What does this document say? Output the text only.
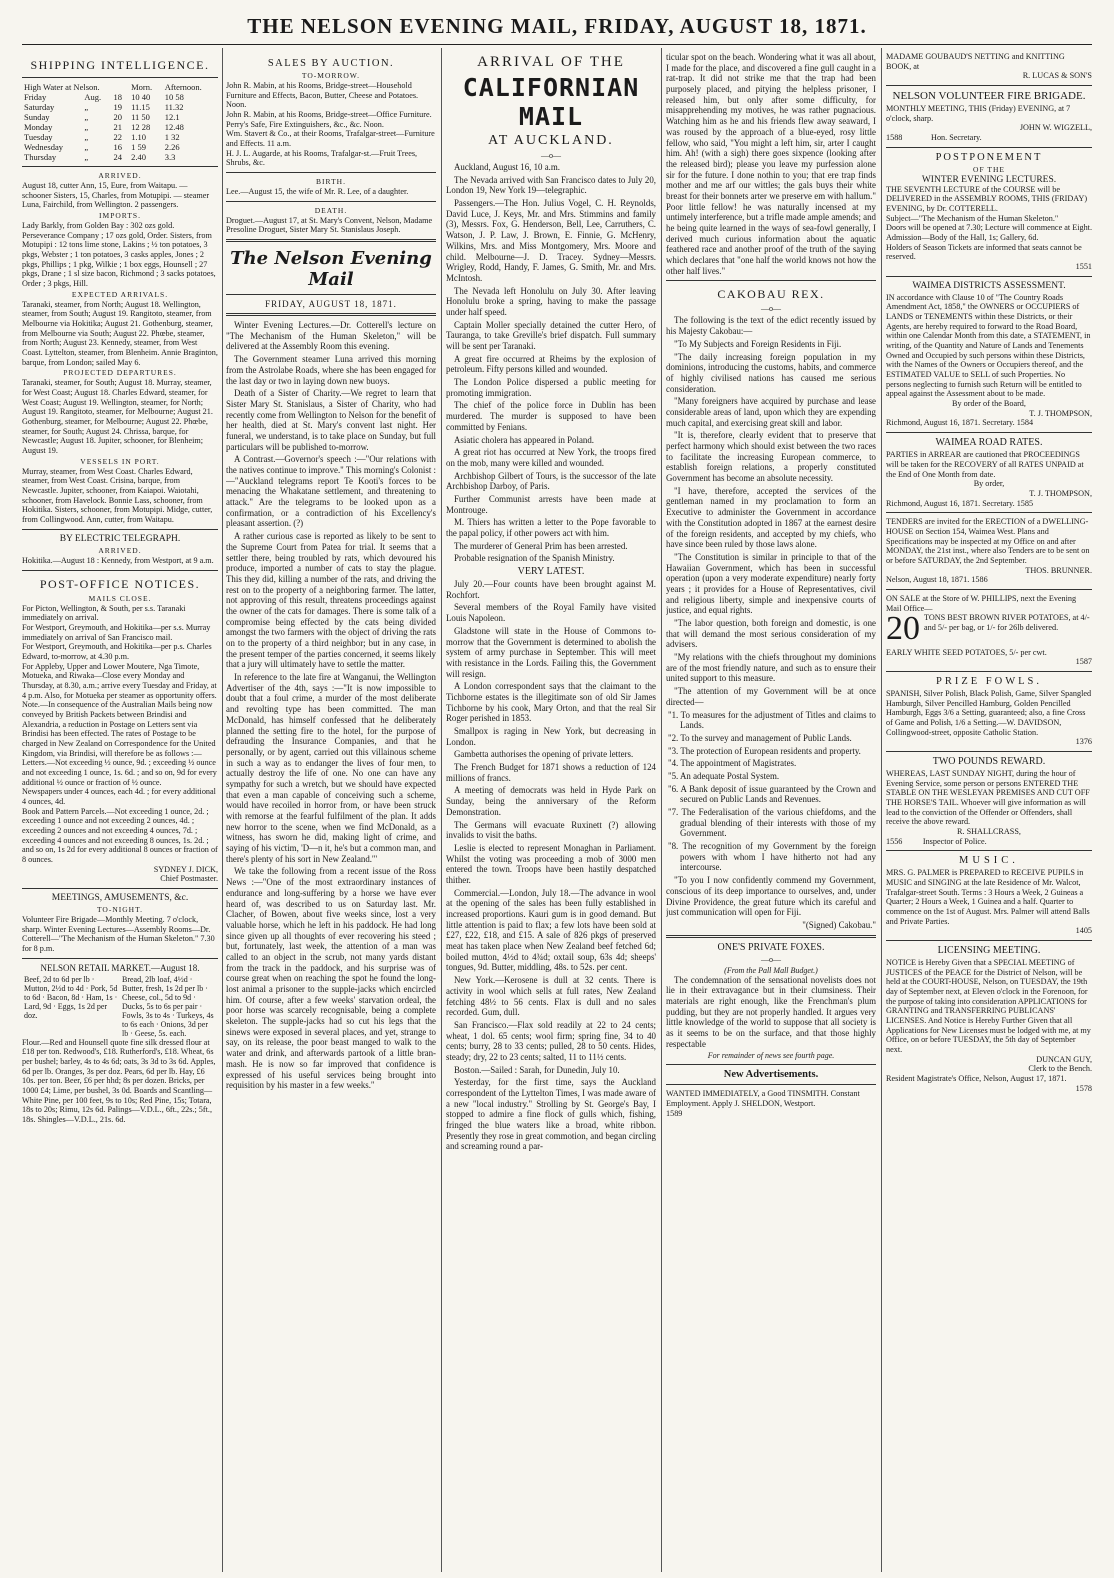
THE NELSON EVENING MAIL, FRIDAY, AUGUST 18, 1871.
SHIPPING INTELLIGENCE.
High Water at Nelson.			Morn.	Afternoon.
Friday	Aug.	18	10 40	10 58
Saturday	„	19	11.15	11.32
Sunday	„	20	11 50	12.1
Monday	„	21	12 28	12.48
Tuesday	„	22	1.10	1 32
Wednesday	„	16	1 59	2.26
Thursday	„	24	2.40	3.3
ARRIVED.

August 18, cutter Ann, 15, Eure, from Waitapu. — schooner Sisters, 15, Charles, from Motupipi. — steamer Luna, Fairchild, from Wellington. 2 passengers.

IMPORTS.

Lady Barkly, from Golden Bay : 302 ozs gold. Perseverance Company ; 17 ozs gold, Order. Sisters, from Motupipi : 12 tons lime stone, Lakins ; ½ ton potatoes, 3 pkgs, Webster ; 1 ton potatoes, 3 casks apples, Jones ; 2 pkgs, Phillips ; 1 pkg, Wilkie ; 1 box eggs, Hounsell ; 27 pkgs, Drane ; 1 sl size bacon, Richmond ; 3 sacks potatoes, Order ; 3 pkgs, Hill.

EXPECTED ARRIVALS.

Taranaki, steamer, from North; August 18. Wellington, steamer, from South; August 19. Rangitoto, steamer, from Melbourne via Hokitika; August 21. Gothenburg, steamer, from Melbourne via South; August 22. Phœbe, steamer, from North; August 23. Kennedy, steamer, from West Coast. Lyttelton, steamer, from Blenheim. Annie Braginton, barque, from London; sailed May 6.

PROJECTED DEPARTURES.

Taranaki, steamer, for South; August 18. Murray, steamer, for West Coast; August 18. Charles Edward, steamer, for West Coast; August 19. Wellington, steamer, for North; August 19. Rangitoto, steamer, for Melbourne; August 21. Gothenburg, steamer, for Melbourne; August 22. Phœbe, steamer, for South; August 24. Chrissa, barque, for Newcastle; August 18. Jupiter, schooner, for Blenheim; August 19.

VESSELS IN PORT.

Murray, steamer, from West Coast. Charles Edward, steamer, from West Coast. Crisina, barque, from Newcastle. Jupiter, schooner, from Kaiapoi. Waiotahi, schooner, from Havelock. Bonnie Lass, schooner, from Hokitika. Sisters, schooner, from Motupipi. Midge, cutter, from Collingwood. Ann, cutter, from Waitapu.

BY ELECTRIC TELEGRAPH.
ARRIVED.

Hokitika.—August 18 : Kennedy, from Westport, at 9 a.m.

POST-OFFICE NOTICES.
MAILS CLOSE.

For Picton, Wellington, & South, per s.s. Taranaki immediately on arrival.

For Westport, Greymouth, and Hokitika—per s.s. Murray immediately on arrival of San Francisco mail.

For Westport, Greymouth, and Hokitika—per p.s. Charles Edward, to-morrow, at 4.30 p.m.

For Appleby, Upper and Lower Moutere, Nga Timote, Motueka, and Riwaka—Close every Monday and Thursday, at 8.30, a.m.; arrive every Tuesday and Friday, at 4 p.m. Also, for Motueka per steamer as opportunity offers.

Note.—In consequence of the Australian Mails being now conveyed by British Packets between Brindisi and Alexandria, a reduction in Postage on Letters sent via Brindisi has been effected. The rates of Postage to be charged in New Zealand on Correspondence for the United Kingdom, via Brindisi, will therefore be as follows :—

Letters.—Not exceeding ½ ounce, 9d. ; exceeding ½ ounce and not exceeding 1 ounce, 1s. 6d. ; and so on, 9d for every additional ½ ounce or fraction of ½ ounce.

Newspapers under 4 ounces, each 4d. ; for every additional 4 ounces, 4d.

Book and Pattern Parcels.—Not exceeding 1 ounce, 2d. ; exceeding 1 ounce and not exceeding 2 ounces, 4d. ; exceeding 2 ounces and not exceeding 4 ounces, 7d. ; exceeding 4 ounces and not exceeding 8 ounces, 1s. 2d. ; and so on, 1s 2d for every additional 8 ounces or fraction of 8 ounces.

SYDNEY J. DICK,

Chief Postmaster.

MEETINGS, AMUSEMENTS, &c.
TO-NIGHT.

Volunteer Fire Brigade—Monthly Meeting. 7 o'clock, sharp. Winter Evening Lectures—Assembly Rooms—Dr. Cotterell—"The Mechanism of the Human Skeleton." 7.30 for 8 p.m.

NELSON RETAIL MARKET.—August 18.
Beef, 2d to 6d per lb · Mutton, 2½d to 4d · Pork, 5d to 6d · Bacon, 8d · Ham, 1s · Lard, 9d · Eggs, 1s 2d per doz.	Bread, 2lb loaf, 4½d · Butter, fresh, 1s 2d per lb · Cheese, col., 5d to 9d · Ducks, 5s to 6s per pair · Fowls, 3s to 4s · Turkeys, 4s to 6s each · Onions, 3d per lb · Geese, 5s. each.

Flour.—Red and Hounsell quote fine silk dressed flour at £18 per ton. Redwood's, £18. Rutherford's, £18. Wheat, 6s per bushel; barley, 4s to 4s 6d; oats, 3s 3d to 3s 6d. Apples, 6d per lb. Oranges, 3s per doz. Pears, 6d per lb. Hay, £6 10s. per ton. Beer, £6 per hhd; 8s per dozen. Bricks, per 1000 £4; Lime, per bushel, 3s 0d. Boards and Scantling—White Pine, per 100 feet, 9s to 10s; Red Pine, 15s; Totara, 18s to 20s; Rimu, 12s 6d. Palings—V.D.L., 6ft., 22s.; 5ft., 18s. Shingles—V.D.L., 21s. 6d.

SALES BY AUCTION.
TO-MORROW.

John R. Mabin, at his Rooms, Bridge-street—Household Furniture and Effects, Bacon, Butter, Cheese and Potatoes. Noon.

John R. Mabin, at his Rooms, Bridge-street—Office Furniture. Perry's Safe, Fire Extinguishers, &c., &c. Noon.

Wm. Stavert & Co., at their Rooms, Trafalgar-street—Furniture and Effects. 11 a.m.

H. J. L. Augarde, at his Rooms, Trafalgar-st.—Fruit Trees, Shrubs, &c.

BIRTH.

Lee.—August 15, the wife of Mr. R. Lee, of a daughter.

DEATH.

Droguet.—August 17, at St. Mary's Convent, Nelson, Madame Presoline Droguet, Sister Mary St. Stanislaus Joseph.

The Nelson Evening Mail
FRIDAY, AUGUST 18, 1871.

Winter Evening Lectures.—Dr. Cotterell's lecture on "The Mechanism of the Human Skeleton," will be delivered at the Assembly Room this evening.

The Government steamer Luna arrived this morning from the Astrolabe Roads, where she has been engaged for the last day or two in laying down new buoys.

Death of a Sister of Charity.—We regret to learn that Sister Mary St. Stanislaus, a Sister of Charity, who had recently come from Wellington to Nelson for the benefit of her health, died at St. Mary's convent last night. Her funeral, we understand, is to take place on Sunday, but full particulars will be published to-morrow.

A Contrast.—Governor's speech :—"Our relations with the natives continue to improve." This morning's Colonist :—"Auckland telegrams report Te Kooti's forces to be menacing the Whakatane settlement, and threatening to attack." Are the telegrams to be looked upon as a confirmation, or a contradiction of his Excellency's pleasant assertion. (?)

A rather curious case is reported as likely to be sent to the Supreme Court from Patea for trial. It seems that a settler there, being troubled by rats, which devoured his produce, imported a number of cats to stay the plague. This they did, killing a number of the rats, and driving the rest on to the property of a neighboring farmer. The latter, not approving of this result, threatens proceedings against the owner of the cats for damages. There is some talk of a compromise being effected by the cats being divided amongst the two farmers with the object of driving the rats on to the property of a third neighbor; but in any case, in the present temper of the parties concerned, it seems likely that a jury will ultimately have to settle the matter.

In reference to the late fire at Wanganui, the Wellington Advertiser of the 4th, says :—"It is now impossible to doubt that a foul crime, a murder of the most deliberate and revolting type has been committed. The man McDonald, has himself confessed that he deliberately planned the setting fire to the hotel, for the purpose of defrauding the Insurance Companies, and that he personally, or by agent, carried out this villainous scheme in such a way as to endanger the lives of four men, to actually destroy the life of one. No one can have any sympathy for such a wretch, but we should have expected that even a man capable of conceiving such a scheme, would have recoiled in horror from, or have been struck with remorse at the fearful fulfilment of the plan. It adds new horror to the scene, when we find McDonald, as a witness, has sworn he did, making light of crime, and saying of his victim, 'D—n it, he's but a common man, and there's plenty of his sort in New Zealand.'"

We take the following from a recent issue of the Ross News :—"One of the most extraordinary instances of endurance and long-suffering by a horse we have ever heard of, was described to us on Saturday last. Mr. Clacher, of Bowen, about five weeks since, lost a very valuable horse, which he left in his paddock. He had long since given up all thoughts of ever recovering his steed ; but, fortunately, last week, the attention of a man was called to an object in the scrub, not many yards distant from the track in the paddock, and his surprise was of course great when on reaching the spot he found the long-lost animal a prisoner to the supple-jacks which encircled him. Of course, after a few weeks' starvation ordeal, the poor horse was scarcely recognisable, being a complete skeleton. The supple-jacks had so cut his legs that the sinews were exposed in several places, and yet, strange to say, on its release, the poor beast manged to walk to the water and drink, and afterwards partook of a little bran-mash. He is now so far improved that confidence is expressed of his useful services being brought into requisition by his master in a few weeks."

ARRIVAL OF THE
CALIFORNIAN MAIL
AT AUCKLAND.
—o—

Auckland, August 16, 10 a.m.

The Nevada arrived with San Francisco dates to July 20, London 19, New York 19—telegraphic.

Passengers.—The Hon. Julius Vogel, C. H. Reynolds, David Luce, J. Keys, Mr. and Mrs. Stimmins and family (3), Messrs. Fox, G. Henderson, Bell, Lee, Carruthers, C. Watson, J. P. Law, J. Brown, E. Finnie, G. McHenry, Wilkins, Mrs. and Miss Montgomery, Mrs. Moore and child. Melbourne—J. D. Tracey. Sydney—Messrs. Wrigley, Rodd, Handy, F. James, G. Smith, Mr. and Mrs. McIntosh.

The Nevada left Honolulu on July 30. After leaving Honolulu broke a spring, having to make the passage under half speed.

Captain Moller specially detained the cutter Hero, of Tauranga, to take Greville's brief dispatch. Full summary will be sent per Taranaki.

A great fire occurred at Rheims by the explosion of petroleum. Fifty persons killed and wounded.

The London Police dispersed a public meeting for promoting immigration.

The chief of the police force in Dublin has been murdered. The murder is supposed to have been committed by Fenians.

Asiatic cholera has appeared in Poland.

A great riot has occurred at New York, the troops fired on the mob, many were killed and wounded.

Archbishop Gilbert of Tours, is the successor of the late Archbishop Darboy, of Paris.

Further Communist arrests have been made at Montrouge.

M. Thiers has written a letter to the Pope favorable to the papal policy, if other powers act with him.

The murderer of General Prim has been arrested.

Probable resignation of the Spanish Ministry.

VERY LATEST.

July 20.—Four counts have been brought against M. Rochfort.

Several members of the Royal Family have visited Louis Napoleon.

Gladstone will state in the House of Commons to-morrow that the Government is determined to abolish the system of army purchase in September. This will meet with resistance in the Lords. Failing this, the Government will resign.

A London correspondent says that the claimant to the Tichborne estates is the illegitimate son of old Sir James Tichborne by his cook, Mary Orton, and that the real Sir Roger perished in 1853.

Smallpox is raging in New York, but decreasing in London.

Gambetta authorises the opening of private letters.

The French Budget for 1871 shows a reduction of 124 millions of francs.

A meeting of democrats was held in Hyde Park on Sunday, being the anniversary of the Reform Demonstration.

The Germans will evacuate Ruxinett (?) allowing invalids to visit the baths.

Leslie is elected to represent Monaghan in Parliament. Whilst the voting was proceeding a mob of 3000 men entered the town. Troops have been hastily despatched thither.

Commercial.—London, July 18.—The advance in wool at the opening of the sales has been fully established in increased proportions. Kauri gum is in good demand. But little attention is paid to flax; a few lots have been sold at £27, £22, £18, and £15. A sale of 826 pkgs of preserved meat has taken place when New Zealand beef fetched 6d; boiled mutton, 4½d to 4¾d; oxtail soup, 63s 4d; sheeps' tongues, 9d. Butter, middling, 48s. to 52s. per cent.

New York.—Kerosene is dull at 32 cents. There is activity in wool which sells at full rates, New Zealand fetching 48½ to 56 cents. Flax is dull and no sales recorded. Gum, dull.

San Francisco.—Flax sold readily at 22 to 24 cents; wheat, 1 dol. 65 cents; wool firm; spring fine, 34 to 40 cents; burry, 28 to 33 cents; pulled, 28 to 50 cents. Hides, steady; dry, 22 to 23 cents; salted, 11 to 11½ cents.

Boston.—Sailed : Sarah, for Dunedin, July 10.

Yesterday, for the first time, says the Auckland correspondent of the Lyttelton Times, I was made aware of a new "local industry." Strolling by St. George's Bay, I stopped to admire a fine flock of gulls which, fishing, fringed the blue waters like a broad, white ribbon. Presently they rose in great commotion, and began circling and screaming round a par-

ticular spot on the beach. Wondering what it was all about, I made for the place, and discovered a fine gull caught in a rat-trap. It did not strike me that the trap had been purposely placed, and pitying the helpless prisoner, I released him, but only after some difficulty, for misapprehending my motives, he was rather pugnacious. Watching him as he and his friends flew away seaward, I was roused by the approach of a blue-eyed, rosy little fellow, who said, "You might a left him, sir, arter I caught him. Ah! (with a sigh) there goes sixpence (looking after the released bird); please you leave my purfession alone sir for the future. I done nothin to you; that ere trap finds mother and me arf our wittles; the gals buys their white breast for their bonnets arter we preserve em with hallum." Poor little fellow! he was naturally incensed at my untimely interference, but a trifle made ample amends; and he being quite learned in the ways of sea-fowl generally, I derived much curious information about the aquatic feathered race and another proof of the truth of the saying which declares that "one half the world knows not how the other half lives."

CAKOBAU REX.
—o—

The following is the text of the edict recently issued by his Majesty Cakobau:—

"To My Subjects and Foreign Residents in Fiji.

"The daily increasing foreign population in my dominions, introducing the customs, habits, and commerce of highly civilised nations has caused me serious consideration.

"Many foreigners have acquired by purchase and lease considerable areas of land, upon which they are expending much capital, and exercising great skill and labor.

"It is, therefore, clearly evident that to preserve that perfect harmony which should exist between the two races to facilitate the increasing European commerce, to establish foreign relations, a properly constituted Government has become an absolute necessity.

"I have, therefore, accepted the services of the gentleman named in my proclamation to form an Executive to administer the Government in accordance with the Constitution adopted in 1867 at the earnest desire of the foreign residents, and accepted by my chiefs, who have since been ruled by those laws alone.

"The Constitution is similar in principle to that of the Hawaiian Government, which has been in successful operation (upon a very moderate expenditure) nearly forty years ; it provides for a House of Representatives, civil and religious liberty, simple and inexpensive courts of justice, and equal rights.

"The labor question, both foreign and domestic, is one that will demand the most serious consideration of my advisers.

"My relations with the chiefs throughout my dominions are of the most friendly nature, and such as to ensure their united support to this measure.

"The attention of my Government will be at once directed—

"1. To measures for the adjustment of Titles and claims to Lands.

"2. To the survey and management of Public Lands.

"3. The protection of European residents and property.

"4. The appointment of Magistrates.

"5. An adequate Postal System.

"6. A Bank deposit of issue guaranteed by the Crown and secured on Public Lands and Revenues.

"7. The Federalisation of the various chiefdoms, and the gradual blending of their interests with those of my Government.

"8. The recognition of my Government by the foreign powers with whom I have hitherto not had any intercourse.

"To you I now confidently commend my Government, conscious of its deep importance to ourselves, and, under Divine Providence, the great future which its careful and just communication will open for Fiji.

"(Signed) Cakobau."

ONE'S PRIVATE FOXES.
—o—
(From the Pall Mall Budget.)

The condemnation of the sensational novelists does not lie in their extravagance but in their clumsiness. Their materials are right enough, like the Frenchman's plum pudding, but they are not properly handled. It argues very little knowledge of the world to suppose that all society is as it seems to be on the surface, and that those highly respectable

For remainder of news see fourth page.
New Advertisements.

WANTED IMMEDIATELY, a Good TINSMITH. Constant Employment. Apply J. SHELDON, Westport.

1589

MADAME GOUBAUD'S NETTING and KNITTING BOOK, at

R. LUCAS & SON'S

NELSON VOLUNTEER FIRE BRIGADE.

MONTHLY MEETING, THIS (Friday) EVENING, at 7 o'clock, sharp.

JOHN W. WIGZELL,

1588	Hon. Secretary.

POSTPONEMENT
OF THE
WINTER EVENING LECTURES.

THE SEVENTH LECTURE of the COURSE will be DELIVERED in the ASSEMBLY ROOMS, THIS (FRIDAY) EVENING, by Dr. COTTERELL.

Subject—"The Mechanism of the Human Skeleton."

Doors will be opened at 7.30; Lecture will commence at Eight.

Admission—Body of the Hall, 1s; Gallery, 6d.

Holders of Season Tickets are informed that seats cannot be reserved.

1551

WAIMEA DISTRICTS ASSESSMENT.

IN accordance with Clause 10 of "The Country Roads Amendment Act, 1858," the OWNERS or OCCUPIERS of LANDS or TENEMENTS within these Districts, or their Agents, are hereby required to forward to the Road Board, within one Calendar Month from this date, a STATEMENT, in writing, of the Quantity and Nature of Lands and Tenements Owned and Occupied by such persons within these Districts, with the Names of the Owners or Occupiers thereof, and the ESTIMATED VALUE to SELL of such Properties. No persons neglecting to furnish such Return will be entitled to appeal against the Assessment about to be made.

By order of the Board,

T. J. THOMPSON,

Richmond, August 16, 1871. Secretary. 1584

WAIMEA ROAD RATES.

PARTIES in ARREAR are cautioned that PROCEEDINGS will be taken for the RECOVERY of all RATES UNPAID at the End of One Month from date.

By order,

T. J. THOMPSON,

Richmond, August 16, 1871. Secretary. 1585

TENDERS are invited for the ERECTION of a DWELLING-HOUSE on Section 154, Waimea West. Plans and Specifications may be inspected at my Office on and after MONDAY, the 21st inst., where also Tenders are to be sent on or before SATURDAY, the 2nd September.

THOS. BRUNNER.

Nelson, August 18, 1871. 1586

ON SALE at the Store of W. PHILLIPS, next the Evening Mail Office—

20 TONS BEST BROWN RIVER POTATOES, at 4/- and 5/- per bag, or 1/- for 26lb delivered.

EARLY WHITE SEED POTATOES, 5/- per cwt.

1587

PRIZE FOWLS.

SPANISH, Silver Polish, Black Polish, Game, Silver Spangled Hamburgh, Silver Pencilled Hamburg, Golden Pencilled Hamburgh, Eggs 3/6 a Setting, guaranteed; also, a fine Cross of Game and Polish, 1/6 a Setting.—W. DAVIDSON, Collingwood-street, opposite Catholic Station.

1376

TWO POUNDS REWARD.

WHEREAS, LAST SUNDAY NIGHT, during the hour of Evening Service, some person or persons ENTERED THE STABLE ON THE WESLEYAN PREMISES AND CUT OFF THE HORSE'S TAIL. Whoever will give information as will lead to the conviction of the Offender or Offenders, shall receive the above reward.

R. SHALLCRASS,

1556 Inspector of Police.

MUSIC.

MRS. G. PALMER is PREPARED to RECEIVE PUPILS in MUSIC and SINGING at the late Residence of Mr. Walcot, Trafalgar-street South. Terms : 3 Hours a Week, 2 Guineas a Quarter; 2 Hours a Week, 1 Guinea and a half. Quarter to commence on the 1st of August. Mrs. Palmer will attend Balls and Private Parties.

1405

LICENSING MEETING.

NOTICE is Hereby Given that a SPECIAL MEETING of JUSTICES of the PEACE for the District of Nelson, will be held at the COURT-HOUSE, Nelson, on TUESDAY, the 19th day of September next, at Eleven o'clock in the Forenoon, for the purpose of taking into consideration APPLICATIONS for GRANTING and TRANSFERRING PUBLICANS' LICENSES. And Notice is Hereby Further Given that all Applications for New Licenses must be lodged with me, at my Office, on or before TUESDAY, the 5th day of September next.

DUNCAN GUY,

Clerk to the Bench.

Resident Magistrate's Office, Nelson, August 17, 1871.

1578
